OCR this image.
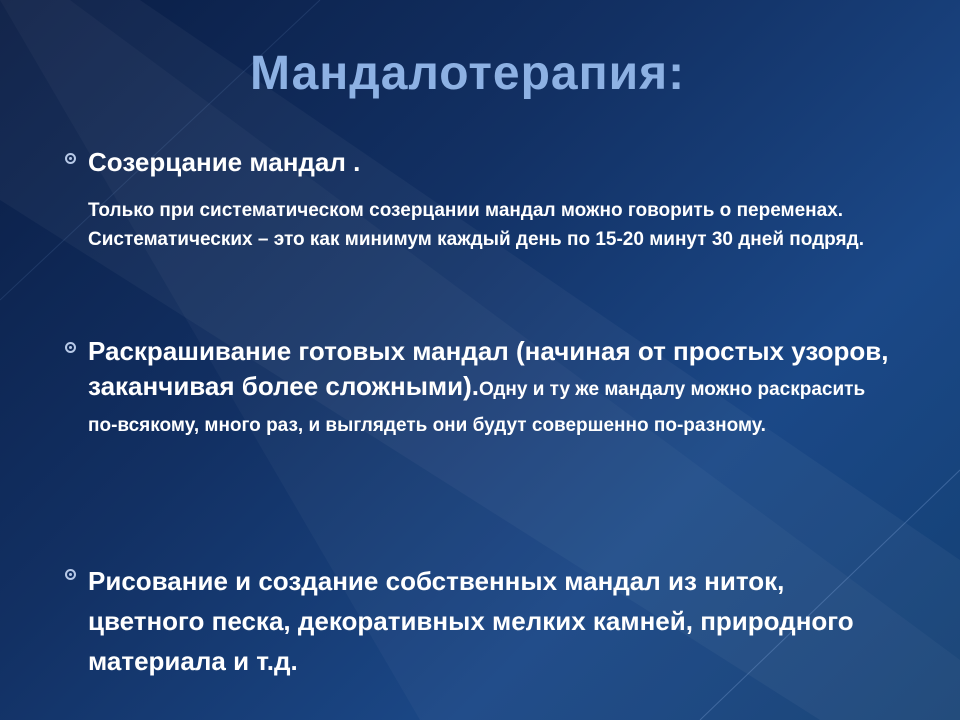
Мандалотерапия:
Созерцание мандал .
Только при систематическом созерцании мандал можно говорить о переменах. Систематических – это как минимум каждый день по 15-20 минут 30 дней подряд.
Раскрашивание готовых мандал (начиная от простых узоров, заканчивая более сложными).Одну и ту же мандалу можно раскрасить по-всякому, много раз, и выглядеть они будут совершенно по-разному.
Рисование и создание собственных мандал из ниток, цветного песка, декоративных мелких камней, природного материала и т.д.
